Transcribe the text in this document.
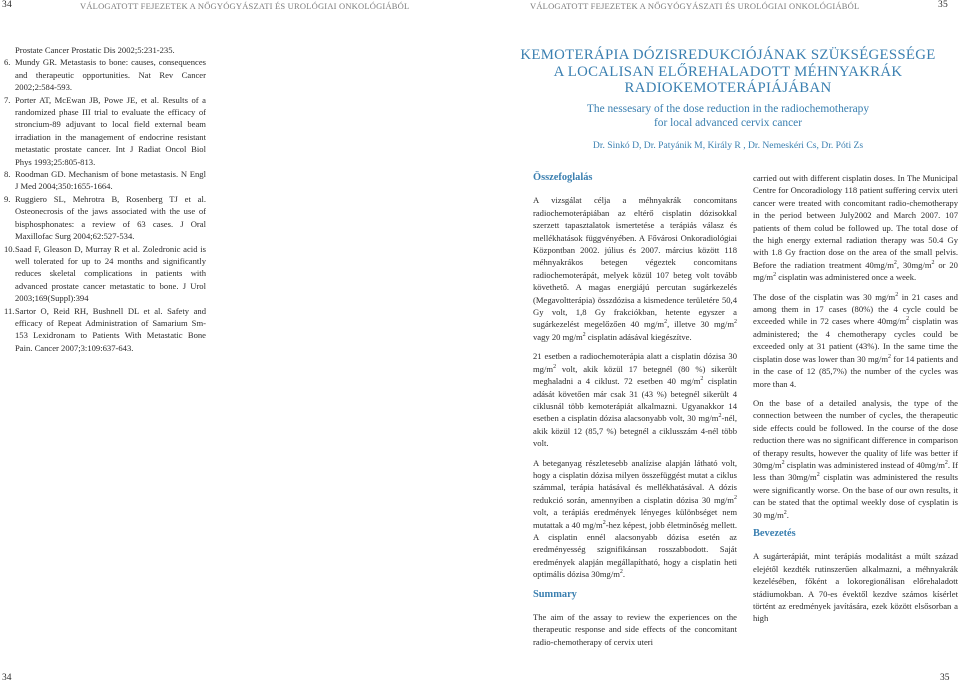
34	VÁLOGATOTT FEJEZETEK A NŐGYÓGYÁSZATI ÉS UROLÓGIAI ONKOLÓGIÁBÓL	VÁLOGATOTT FEJEZETEK A NŐGYÓGYÁSZATI ÉS UROLÓGIAI ONKOLÓGIÁBÓL	35
Prostate Cancer Prostatic Dis 2002;5:231-235.
6. Mundy GR. Metastasis to bone: causes, consequences and therapeutic opportunities. Nat Rev Cancer 2002;2:584-593.
7. Porter AT, McEwan JB, Powe JE, et al. Results of a randomized phase III trial to evaluate the efficacy of stroncium-89 adjuvant to local field external beam irradiation in the management of endocrine resistant metastatic prostate cancer. Int J Radiat Oncol Biol Phys 1993;25:805-813.
8. Roodman GD. Mechanism of bone metastasis. N Engl J Med 2004;350:1655-1664.
9. Ruggiero SL, Mehrotra B, Rosenberg TJ et al. Osteonecrosis of the jaws associated with the use of bisphosphonates: a review of 63 cases. J Oral Maxillofac Surg 2004;62:527-534.
10. Saad F, Gleason D, Murray R et al. Zoledronic acid is well tolerated for up to 24 months and significantly reduces skeletal complications in patients with advanced prostate cancer metastatic to bone. J Urol 2003;169(Suppl):394
11. Sartor O, Reid RH, Bushnell DL et al. Safety and efficacy of Repeat Administration of Samarium Sm-153 Lexidronam to Patients With Metastatic Bone Pain. Cancer 2007;3:109:637-643.
KEMOTERÁPIA DÓZISREDUKCIÓJÁNAK SZÜKSÉGESSÉGE
A LOCALISAN ELŐREHALADOTT MÉHNYAKRÁK
RADIOKEMOTERÁPIÁJÁBAN
The nessesary of the dose reduction in the radiochemotherapy
for local advanced cervix cancer
Dr. Sinkó D, Dr. Patyánik M, Király R , Dr. Nemeskéri Cs, Dr. Póti Zs
Összefoglalás

A vizsgálat célja a méhnyakrák concomitans radiochemoterápiában az eltérő cisplatin dózisokkal szerzett tapasztalatok ismertetése a terápiás válasz és mellékhatások függvényében. A Fővárosi Onkoradiológiai Központban 2002. július és 2007. március között 118 méhnyakrákos betegen végeztek concomitans radiochemoterápát, melyek közül 107 beteg volt tovább követhető. A magas energiájú percutan sugárkezelés (Megavoltterápia) összdózisa a kismedence területére 50,4 Gy volt, 1,8 Gy frakciókban, hetente egyszer a sugárkezelést megelőzően 40 $mg/m^2$, illetve 30 $mg/m^2$ vagy 20 $mg/m^2$ cisplatin adásával kiegészítve.

21 esetben a radiochemoterápia alatt a cisplatin dózisa 30 $mg/m^2$ volt, akik közül 17 betegnél (80 %) sikerült meghaladni a 4 ciklust. 72 esetben 40 $mg/m^2$ cisplatin adását követően már csak 31 (43 %) betegnél sikerült 4 ciklusnál több kemoterápiát alkalmazni. Ugyanakkor 14 esetben a cisplatin dózisa alacsonyabb volt, 30 $mg/m^2$-nél, akik közül 12 (85,7 %) betegnél a ciklusszám 4-nél több volt.

A beteganyag részletesebb analízise alapján látható volt, hogy a cisplatin dózisa milyen összefüggést mutat a ciklus számmal, terápia hatásával és mellékhatásával. A dózis redukció során, amennyiben a cisplatin dózisa 30 $mg/m^2$ volt, a terápiás eredmények lényeges különbséget nem mutattak a 40 $mg/m^2$-hez képest, jobb életminőség mellett. A cisplatin ennél alacsonyabb dózisa esetén az eredményesség szignifikánsan rosszabbodott. Saját eredmények alapján megállapítható, hogy a cisplatin heti optimális dózisa $30mg/m^2$.

Summary

The aim of the assay to review the experiences on the therapeutic response and side effects of the concomitant radio-chemotherapy of cervix uteri

carried out with different cisplatin doses. In The Municipal Centre for Oncoradiology 118 patient suffering cervix uteri cancer were treated with concomitant radio-chemotherapy in the period between July2002 and March 2007. 107 patients of them colud be followed up. The total dose of the high energy external radiation therapy was 50.4 Gy with 1.8 Gy fraction dose on the area of the small pelvis. Before the radiation treatment $40mg/m^2$, $30mg/m^2$ or 20 $mg/m^2$ cisplatin was administered once a week.

The dose of the cisplatin was 30 $mg/m^2$ in 21 cases and among them in 17 cases (80%) the 4 cycle could be exceeded while in 72 cases where $40mg/m^2$ cisplatin was administered; the 4 chemotherapy cycles could be exceeded only at 31 patient (43%). In the same time the cisplatin dose was lower than 30 $mg/m^2$ for 14 patients and in the case of 12 (85,7%) the number of the cycles was more than 4.

On the base of a detailed analysis, the type of the connection between the number of cycles, the therapeutic side effects could be followed. In the course of the dose reduction there was no significant difference in comparison of therapy results, however the quality of life was better if $30mg/m^2$ cisplatin was administered instead of $40mg/m^2$. If less than $30mg/m^2$ cisplatin was administered the results were significantly worse. On the base of our own results, it can be stated that the optimal weekly dose of cysplatin is 30 $mg/m^2$.

Bevezetés

A sugárterápiát, mint terápiás modalitást a múlt század elejétől kezdték rutinszerűen alkalmazni, a méhnyakrák kezelésében, főként a lokoregionálisan előrehaladott stádiumokban. A 70-es évektől kezdve számos kísérlet történt az eredmények javítására, ezek között elsősorban a high

34	35
